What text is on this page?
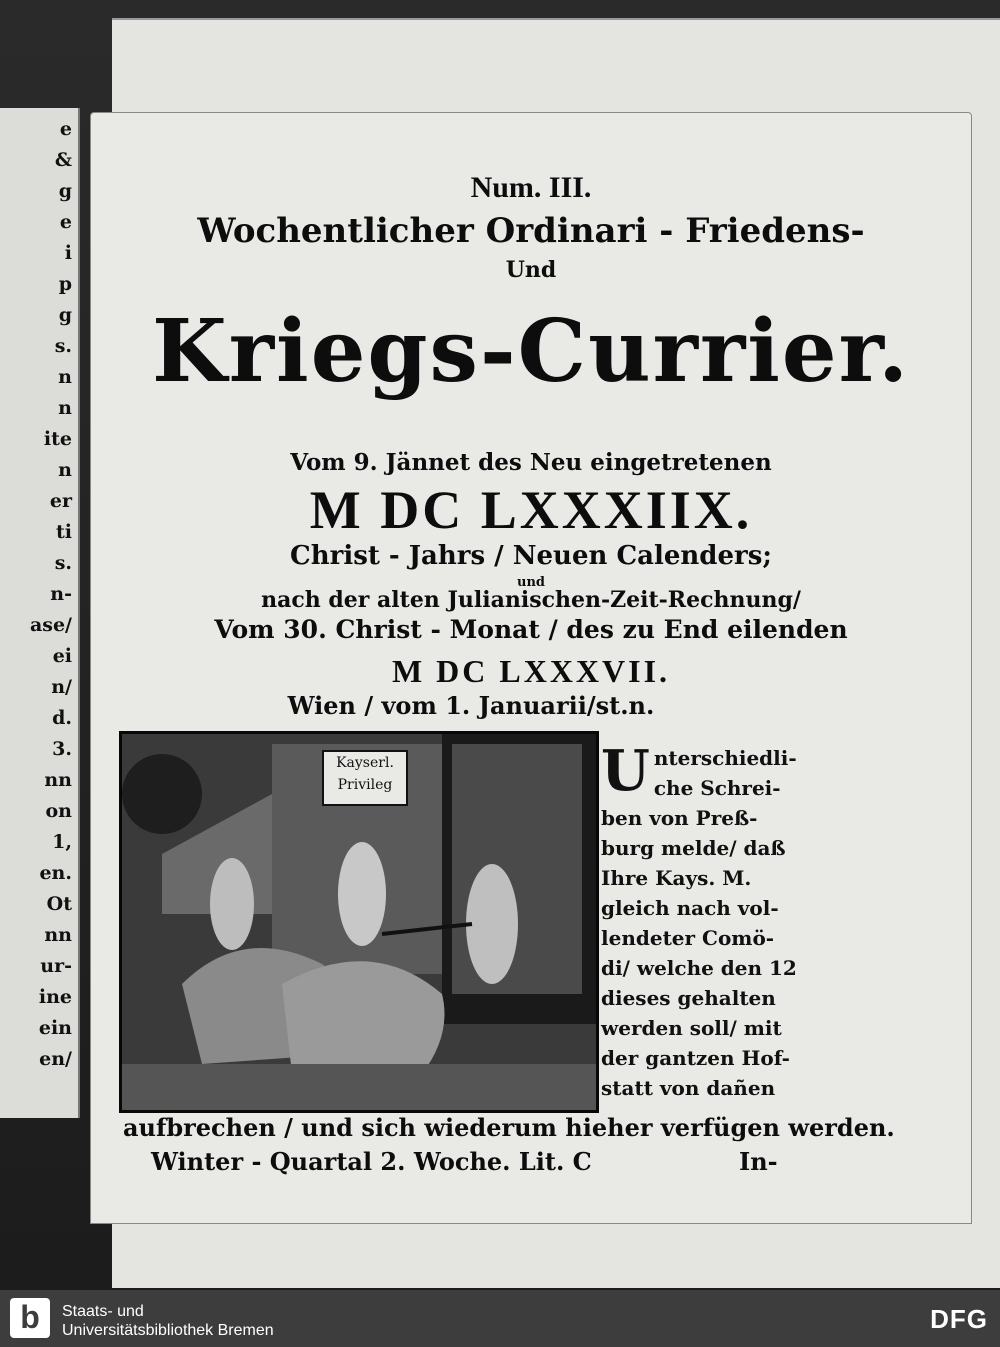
e
&
g
e
i
p
g
s.
n
n
ite
n
er
ti
s.
n-
ase/
ei
n/
d.
3.
nn
on
1,
en.
Ot
nn
ur-
ine
ein
en/
Num. III.
Wochentlicher Ordinari - Friedens-
Und
Kriegs-Currier.
Vom 9. Jännet des Neu eingetretenen
M DC LXXXIIX.
Christ - Jahrs / Neuen Calenders;
und
nach der alten Julianischen-Zeit-Rechnung/
Vom 30. Christ - Monat / des zu End eilenden
M DC LXXXVII.
Wien / vom 1. Januarii/st.n.
Kayserl.
Privileg	U nterschiedli-
che Schrei-
ben von Preß-
burg melde/ daß
Ihre Kays. M.
gleich nach vol-
lendeter Comö-
di/ welche den 12
dieses gehalten
werden soll/ mit
der gantzen Hof-
statt von dañen
aufbrechen / und sich wiederum hieher verfügen werden.
Winter - Quartal 2. Woche. Lit. C	In-
b	Staats- und
Universitätsbibliothek Bremen	DFG
